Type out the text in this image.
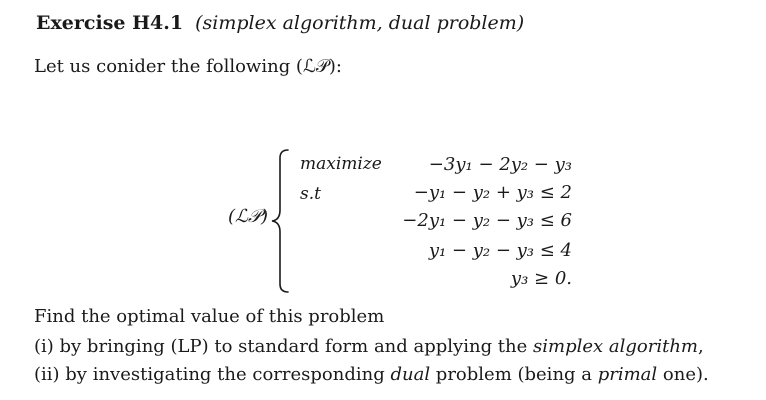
Exercise H4.1 (simplex algorithm, dual problem)
Let us conider the following (ℒ𝒫):
(ℒ𝒫)
maximize
s.t
−3y₁ − 2y₂ − y₃
−y₁ − y₂ + y₃ ≤ 2
−2y₁ − y₂ − y₃ ≤ 6
y₁ − y₂ − y₃ ≤ 4
y₃ ≥ 0.
Find the optimal value of this problem
(i) by bringing (LP) to standard form and applying the simplex algorithm,
(ii) by investigating the corresponding dual problem (being a primal one).
